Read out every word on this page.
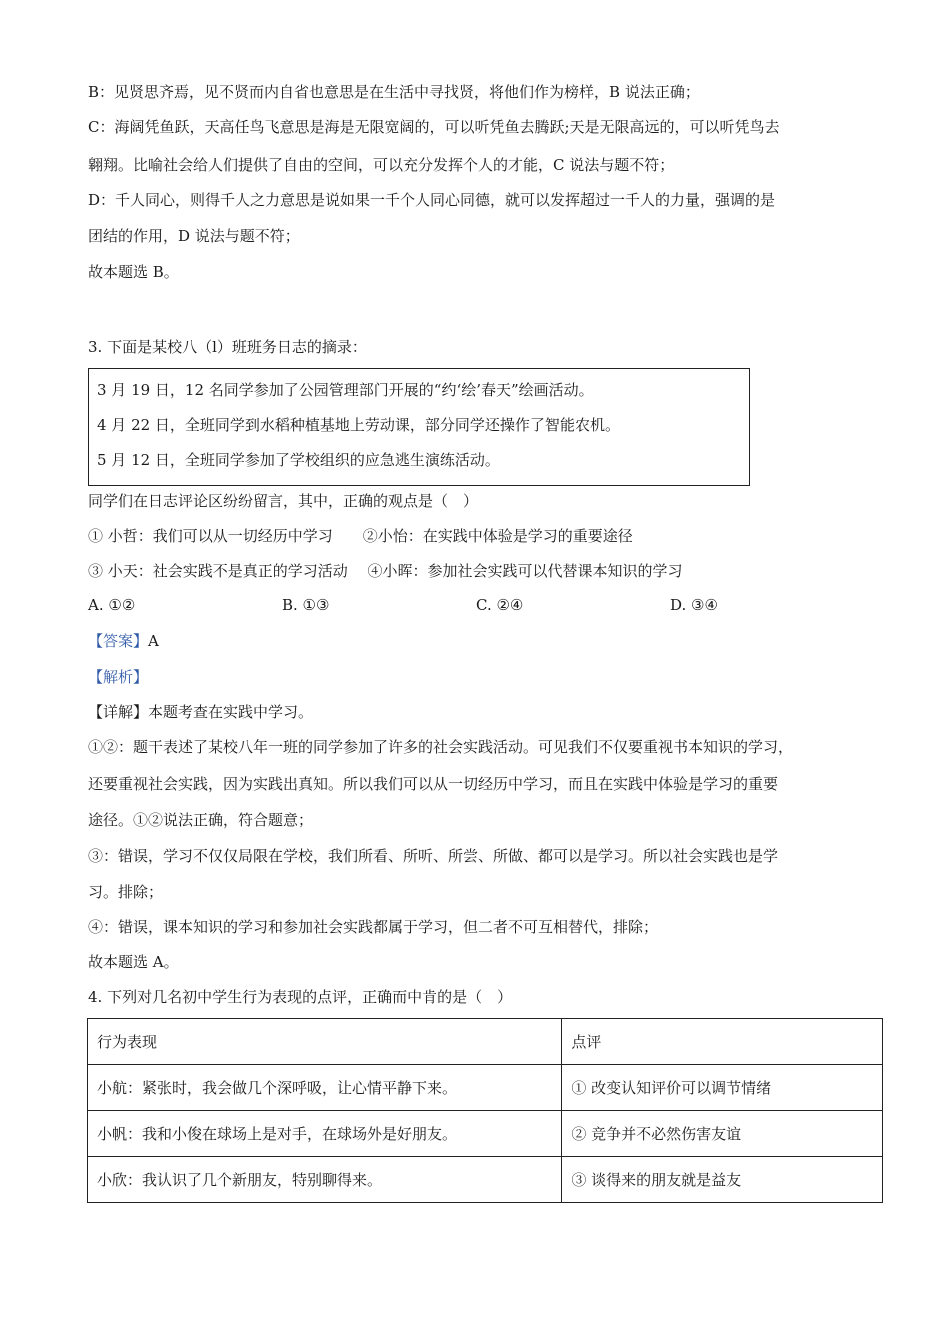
B：见贤思齐焉，见不贤而内自省也意思是在生活中寻找贤，将他们作为榜样，B 说法正确；
C：海阔凭鱼跃，天高任鸟飞意思是海是无限宽阔的，可以听凭鱼去腾跃;天是无限高远的，可以听凭鸟去
翱翔。比喻社会给人们提供了自由的空间，可以充分发挥个人的才能，C 说法与题不符；
D：千人同心，则得千人之力意思是说如果一千个人同心同德，就可以发挥超过一千人的力量，强调的是
团结的作用，D 说法与题不符；
故本题选 B。
3. 下面是某校八（l）班班务日志的摘录：
3 月 19 日，12 名同学参加了公园管理部门开展的“约‘绘’春天”绘画活动。
4 月 22 日，全班同学到水稻种植基地上劳动课，部分同学还操作了智能农机。
5 月 12 日，全班同学参加了学校组织的应急逃生演练活动。
同学们在日志评论区纷纷留言，其中，正确的观点是（　）
① 小哲：我们可以从一切经历中学习　　②小怡：在实践中体验是学习的重要途径
③ 小天：社会实践不是真正的学习活动　 ④小晖：参加社会实践可以代替课本知识的学习
A. ①②	B. ①③	C. ②④	D. ③④
【答案】A
【解析】
【详解】本题考查在实践中学习。
①②：题干表述了某校八年一班的同学参加了许多的社会实践活动。可见我们不仅要重视书本知识的学习，
还要重视社会实践，因为实践出真知。所以我们可以从一切经历中学习，而且在实践中体验是学习的重要
途径。①②说法正确，符合题意；
③：错误，学习不仅仅局限在学校，我们所看、所听、所尝、所做、都可以是学习。所以社会实践也是学
习。排除；
④：错误，课本知识的学习和参加社会实践都属于学习，但二者不可互相替代，排除；
故本题选 A。
4. 下列对几名初中学生行为表现的点评，正确而中肯的是（　）
行为表现	点评
小航：紧张时，我会做几个深呼吸，让心情平静下来。	① 改变认知评价可以调节情绪
小帆：我和小俊在球场上是对手，在球场外是好朋友。	② 竞争并不必然伤害友谊
小欣：我认识了几个新朋友，特别聊得来。	③ 谈得来的朋友就是益友
